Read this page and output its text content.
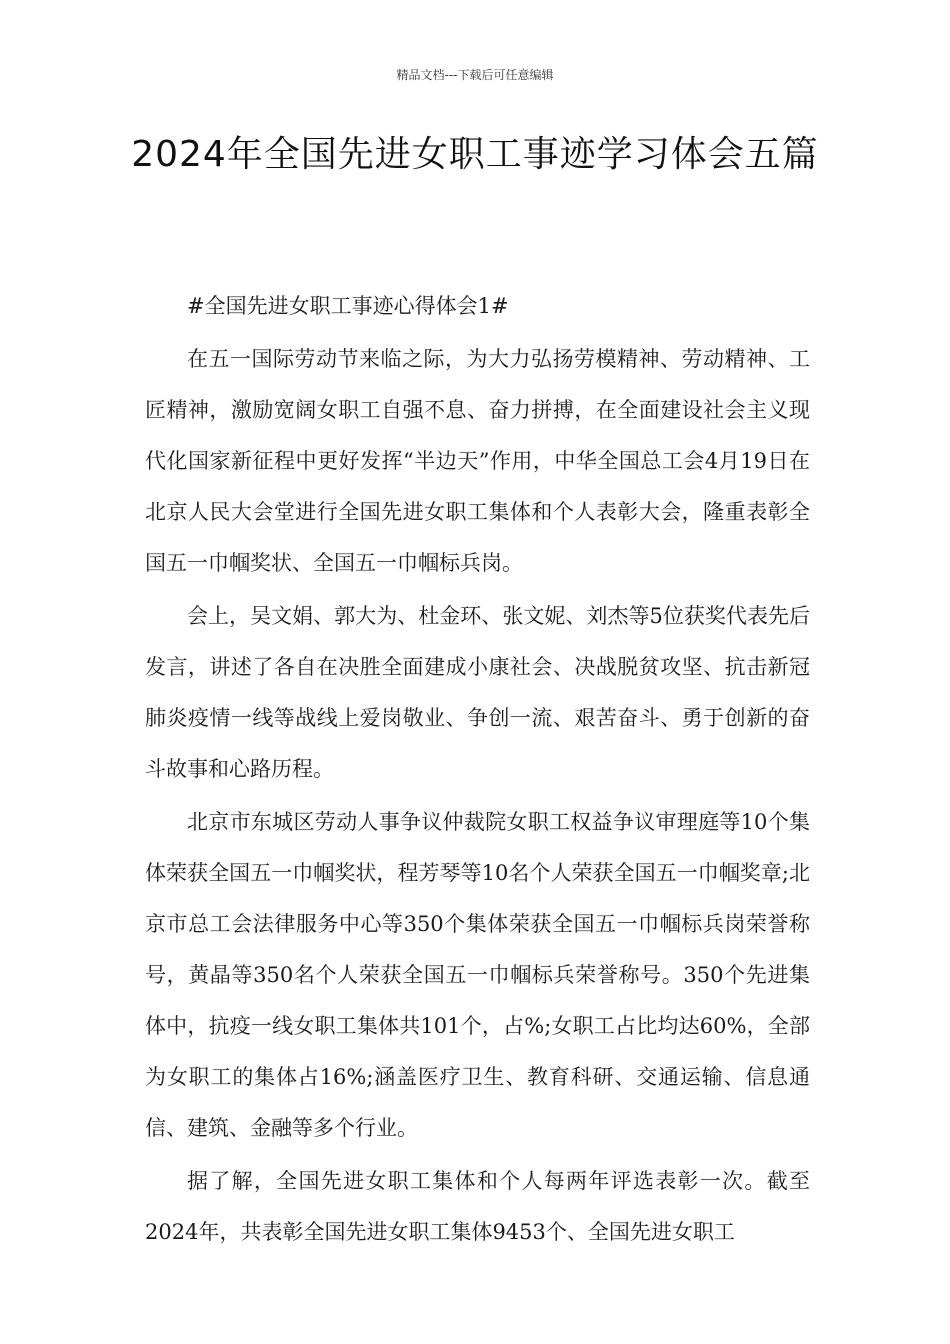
精品文档---下载后可任意编辑
2024年全国先进女职工事迹学习体会五篇

#全国先进女职工事迹心得体会1#

在五一国际劳动节来临之际，为大力弘扬劳模精神、劳动精神、工匠精神，激励宽阔女职工自强不息、奋力拼搏，在全面建设社会主义现代化国家新征程中更好发挥“半边天”作用，中华全国总工会4月19日在北京人民大会堂进行全国先进女职工集体和个人表彰大会，隆重表彰全国五一巾帼奖状、全国五一巾帼标兵岗。

会上，吴文娟、郭大为、杜金环、张文妮、刘杰等5位获奖代表先后发言，讲述了各自在决胜全面建成小康社会、决战脱贫攻坚、抗击新冠肺炎疫情一线等战线上爱岗敬业、争创一流、艰苦奋斗、勇于创新的奋斗故事和心路历程。

北京市东城区劳动人事争议仲裁院女职工权益争议审理庭等10个集体荣获全国五一巾帼奖状，程芳琴等10名个人荣获全国五一巾帼奖章;北京市总工会法律服务中心等350个集体荣获全国五一巾帼标兵岗荣誉称号，黄晶等350名个人荣获全国五一巾帼标兵荣誉称号。350个先进集体中，抗疫一线女职工集体共101个，占%;女职工占比均达60%，全部为女职工的集体占16%;涵盖医疗卫生、教育科研、交通运输、信息通信、建筑、金融等多个行业。

据了解，全国先进女职工集体和个人每两年评选表彰一次。截至2024年，共表彰全国先进女职工集体9453个、全国先进女职工
